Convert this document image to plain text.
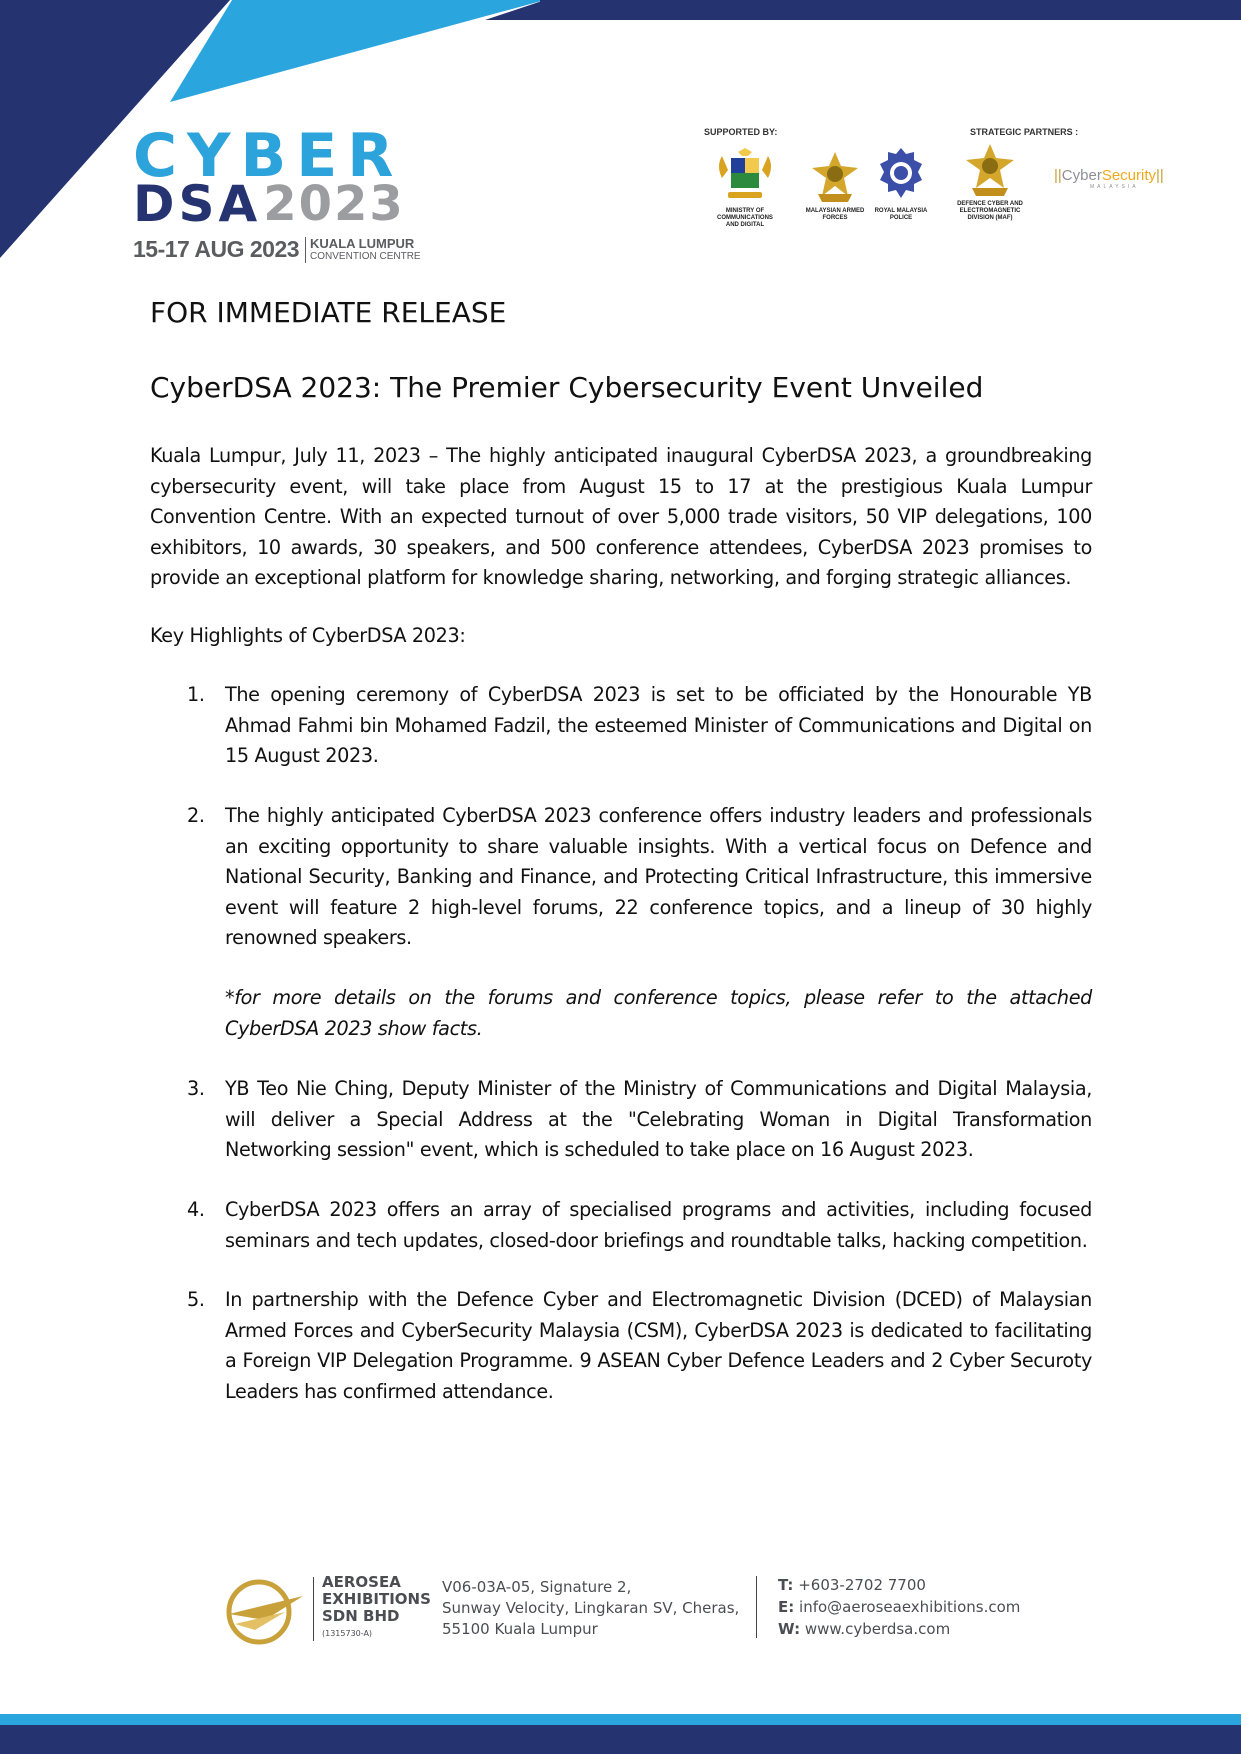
CYBER
DSA 2023
15-17 AUG 2023 KUALA LUMPUR
CONVENTION CENTRE
SUPPORTED BY:	STRATEGIC PARTNERS :
MINISTRY OF COMMUNICATIONS
AND DIGITAL
MALAYSIAN ARMED
FORCES
ROYAL MALAYSIA
POLICE
DEFENCE CYBER AND
ELECTROMAGNETIC
DIVISION (MAF)
||CyberSecurity||
MALAYSIA
FOR IMMEDIATE RELEASE
CyberDSA 2023: The Premier Cybersecurity Event Unveiled
Kuala Lumpur, July 11, 2023 – The highly anticipated inaugural CyberDSA 2023, a groundbreaking cybersecurity event, will take place from August 15 to 17 at the prestigious Kuala Lumpur Convention Centre. With an expected turnout of over 5,000 trade visitors, 50 VIP delegations, 100 exhibitors, 10 awards, 30 speakers, and 500 conference attendees, CyberDSA 2023 promises to provide an exceptional platform for knowledge sharing, networking, and forging strategic alliances.
Key Highlights of CyberDSA 2023:
1. The opening ceremony of CyberDSA 2023 is set to be officiated by the Honourable YB Ahmad Fahmi bin Mohamed Fadzil, the esteemed Minister of Communications and Digital on 15 August 2023.
2. The highly anticipated CyberDSA 2023 conference offers industry leaders and professionals an exciting opportunity to share valuable insights. With a vertical focus on Defence and National Security, Banking and Finance, and Protecting Critical Infrastructure, this immersive event will feature 2 high-level forums, 22 conference topics, and a lineup of 30 highly renowned speakers.
*for more details on the forums and conference topics, please refer to the attached CyberDSA 2023 show facts.
3. YB Teo Nie Ching, Deputy Minister of the Ministry of Communications and Digital Malaysia, will deliver a Special Address at the "Celebrating Woman in Digital Transformation Networking session" event, which is scheduled to take place on 16 August 2023.
4. CyberDSA 2023 offers an array of specialised programs and activities, including focused seminars and tech updates, closed-door briefings and roundtable talks, hacking competition.
5. In partnership with the Defence Cyber and Electromagnetic Division (DCED) of Malaysian Armed Forces and CyberSecurity Malaysia (CSM), CyberDSA 2023 is dedicated to facilitating a Foreign VIP Delegation Programme. 9 ASEAN Cyber Defence Leaders and 2 Cyber Securoty Leaders has confirmed attendance.
AEROSEA
EXHIBITIONS
SDN BHD
(1315730-A)
V06-03A-05, Signature 2,
Sunway Velocity, Lingkaran SV, Cheras,
55100 Kuala Lumpur
T: +603-2702 7700
E: info@aeroseaexhibitions.com
W: www.cyberdsa.com
